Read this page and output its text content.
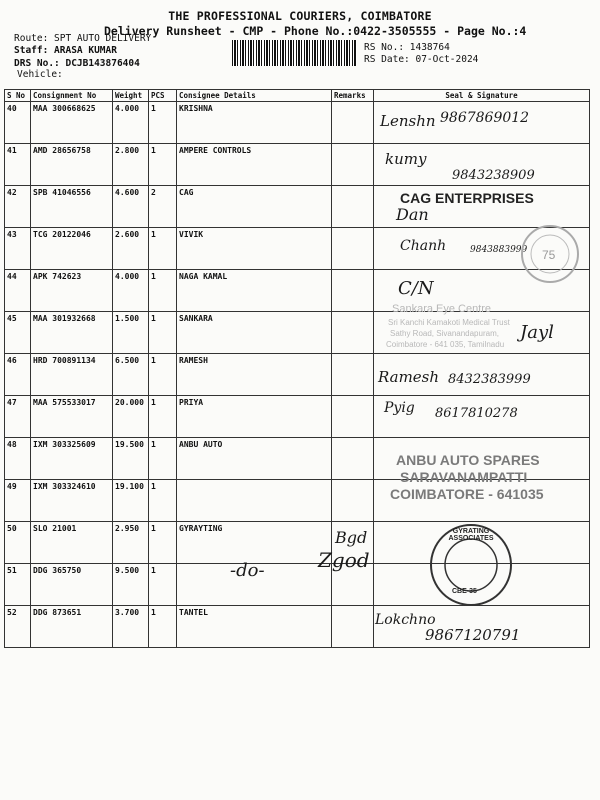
THE PROFESSIONAL COURIERS, COIMBATORE
Delivery Runsheet - CMP - Phone No.:0422-3505555 - Page No.:4
Route: SPT AUTO DELIVERY
Staff: ARASA KUMAR
DRS No.: DCJB143876404
Vehicle:
RS No.: 1438764
RS Date: 07-Oct-2024
S No	Consignment No	Weight	PCS	Consignee Details	Remarks	Seal & Signature
40	MAA 300668625	4.000	1	KRISHNA		
41	AMD 28656758	2.800	1	AMPERE CONTROLS		
42	SPB 41046556	4.600	2	CAG		
43	TCG 20122046	2.600	1	VIVIK		
44	APK 742623	4.000	1	NAGA KAMAL		
45	MAA 301932668	1.500	1	SANKARA		
46	HRD 700891134	6.500	1	RAMESH		
47	MAA 575533017	20.000	1	PRIYA		
48	IXM 303325609	19.500	1	ANBU AUTO		
49	IXM 303324610	19.100	1			
50	SLO 21001	2.950	1	GYRAYTING		
51	DDG 365750	9.500	1			
52	DDG 873651	3.700	1	TANTEL		
Lenshn 9867869012
kumy
9843238909
CAG ENTERPRISES
Dan
Chanh	9843883999 75
C/N
Sankara Eye Centre
Sri Kanchi Kamakoti Medical Trust
Sathy Road, Sivanandapuram,
Coimbatore - 641 035, Tamilnadu
Jayl
Ramesh 8432383999
Pyig 8617810278
ANBU AUTO SPARES
SARAVANAMPATTI
COIMBATORE - 641035
GYRATING ASSOCIATES
CBE-35
Bgd
-do-	Zgod
Lokchno
9867120791
